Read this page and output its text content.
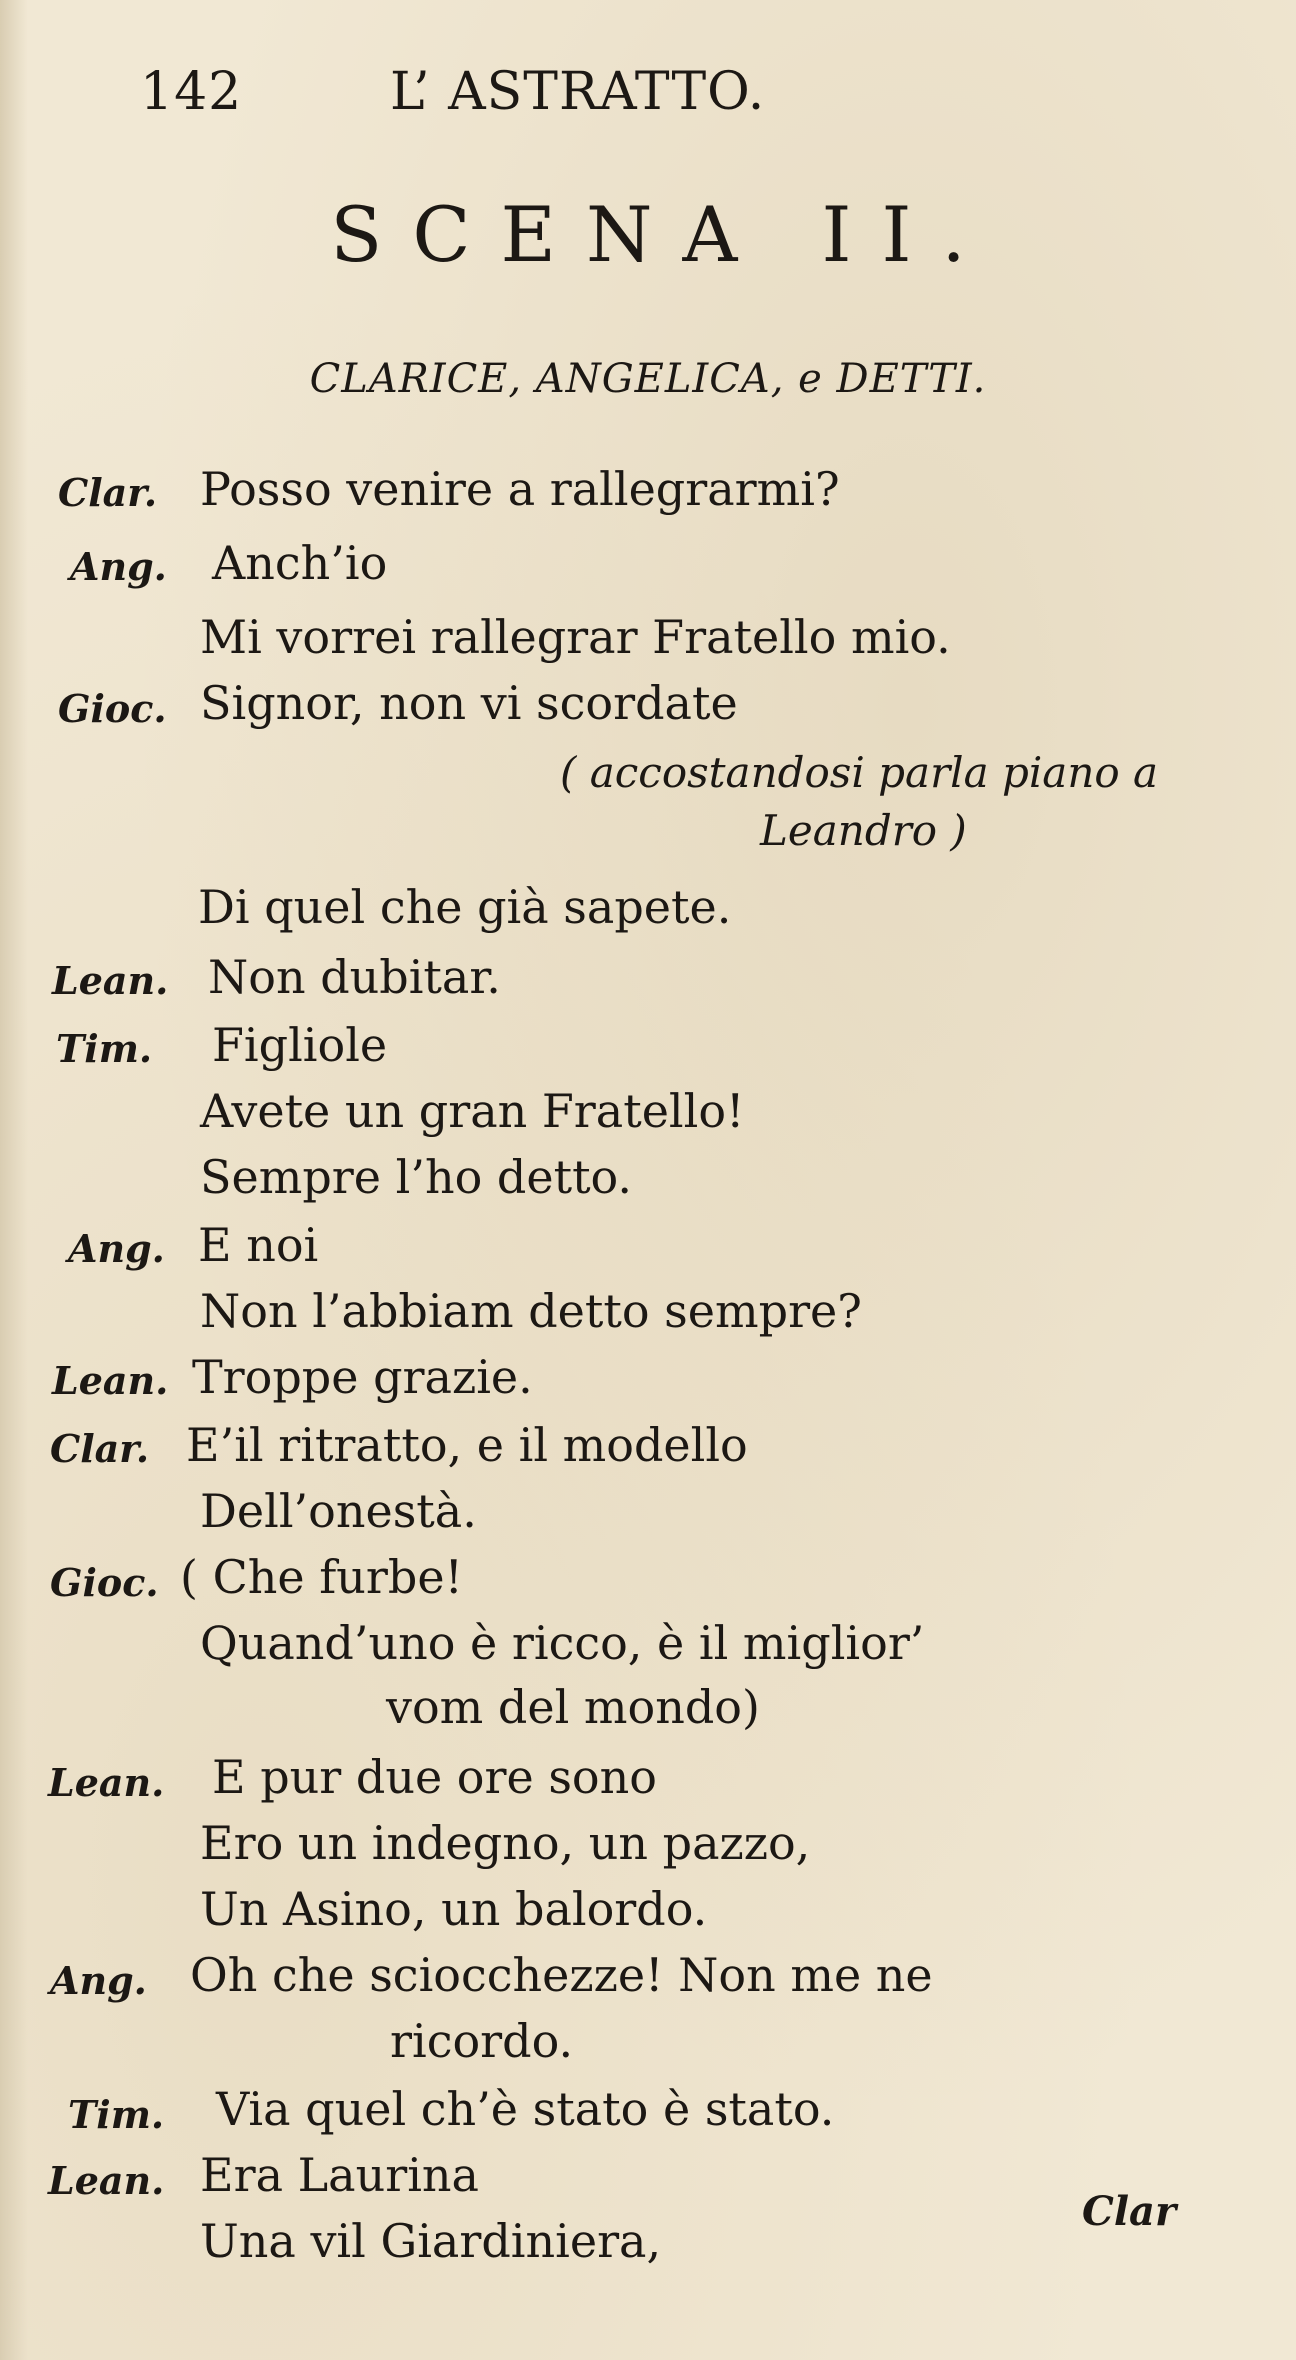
142	L’ ASTRATTO.
SCENA II.
CLARICE, ANGELICA, e DETTI.
Clar. Posso venire a rallegrarmi?
Ang. Anch’io
Mi vorrei rallegrar Fratello mio.
Gioc. Signor, non vi scordate
( accostandosi parla piano a
Leandro )
Di quel che già sapete.
Lean. Non dubitar.
Tim. Figliole
Avete un gran Fratello!
Sempre l’ho detto.
Ang. E noi
Non l’abbiam detto sempre?
Lean. Troppe grazie.
Clar. E’il ritratto, e il modello
Dell’onestà.
Gioc. ( Che furbe!
Quand’uno è ricco, è il miglior’
vom del mondo)
Lean. E pur due ore sono
Ero un indegno, un pazzo,
Un Asino, un balordo.
Ang. Oh che sciocchezze! Non me ne
ricordo.
Tim. Via quel ch’è stato è stato.
Lean. Era Laurina
Una vil Giardiniera,
Clar
